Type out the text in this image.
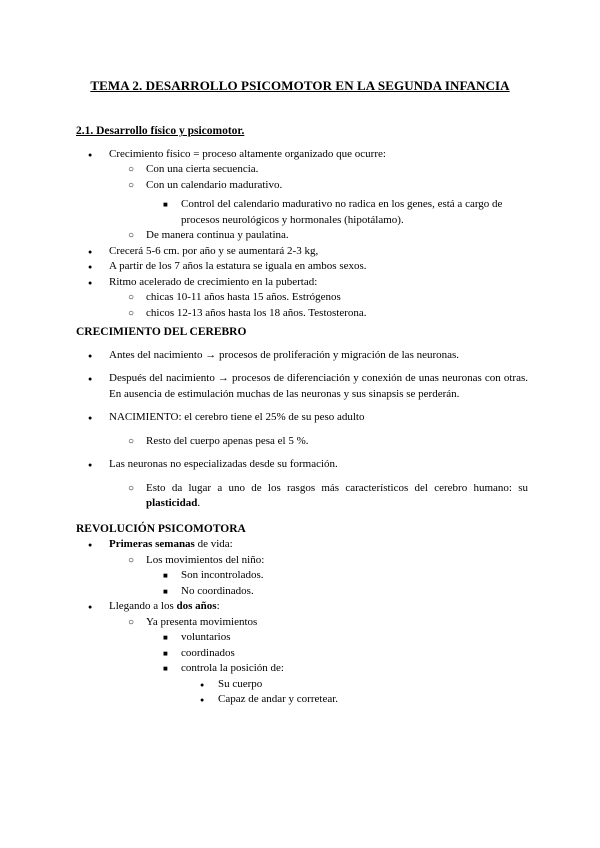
TEMA 2. DESARROLLO PSICOMOTOR EN LA SEGUNDA INFANCIA
2.1. Desarrollo físico y psicomotor.
●
Crecimiento físico = proceso altamente organizado que ocurre:
○
Con una cierta secuencia.
○
Con un calendario madurativo.
■
Control del calendario madurativo no radica en los genes, está a cargo de procesos neurológicos y hormonales (hipotálamo).
○
De manera continua y paulatina.
●
Crecerá 5-6 cm. por año y se aumentará 2-3 kg,
●
A partir de los 7 años la estatura se iguala en ambos sexos.
●
Ritmo acelerado de crecimiento en la pubertad:
○
chicas 10-11 años hasta 15 años. Estrógenos
○
chicos 12-13 años hasta los 18 años. Testosterona.
CRECIMIENTO DEL CEREBRO
●
Antes del nacimiento → procesos de proliferación y migración de las neuronas.
●
Después del nacimiento → procesos de diferenciación y conexión de unas neuronas con otras. En ausencia de estimulación muchas de las neuronas y sus sinapsis se perderán.
●
NACIMIENTO: el cerebro tiene el 25% de su peso adulto
○
Resto del cuerpo apenas pesa el 5 %.
●
Las neuronas no especializadas desde su formación.
○
Esto da lugar a uno de los rasgos más característicos del cerebro humano: su plasticidad.
REVOLUCIÓN PSICOMOTORA
●
Primeras semanas de vida:
○
Los movimientos del niño:
■
Son incontrolados.
■
No coordinados.
●
Llegando a los dos años:
○
Ya presenta movimientos
■
voluntarios
■
coordinados
■
controla la posición de:
●
Su cuerpo
●
Capaz de andar y corretear.
